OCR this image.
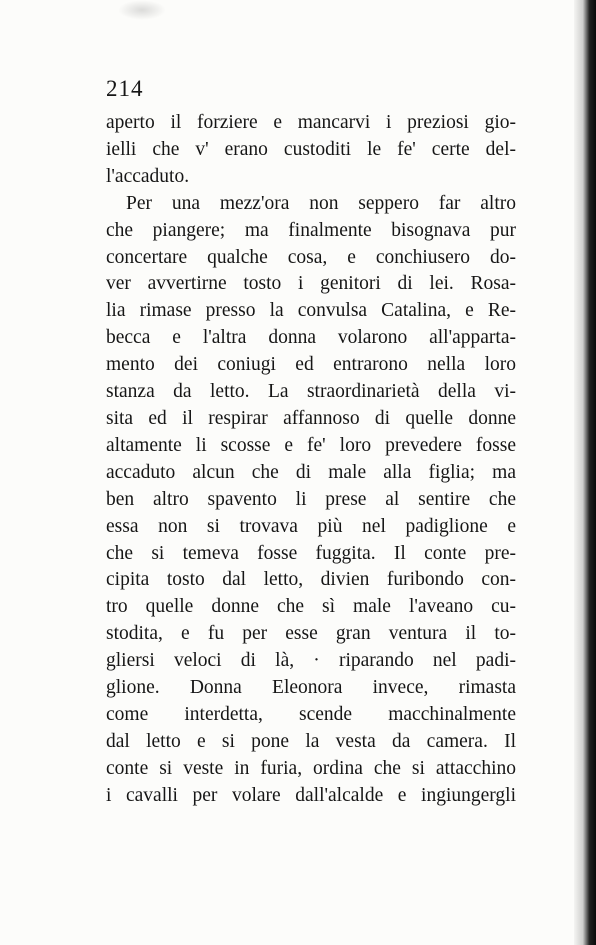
214
aperto il forziere e mancarvi i preziosi gio-
ielli che v' erano custoditi le fe' certe del-
l'accaduto.
Per una mezz'ora non seppero far altro
che piangere; ma finalmente bisognava pur
concertare qualche cosa, e conchiusero do-
ver avvertirne tosto i genitori di lei. Rosa-
lia rimase presso la convulsa Catalina, e Re-
becca e l'altra donna volarono all'apparta-
mento dei coniugi ed entrarono nella loro
stanza da letto. La straordinarietà della vi-
sita ed il respirar affannoso di quelle donne
altamente li scosse e fe' loro prevedere fosse
accaduto alcun che di male alla figlia; ma
ben altro spavento li prese al sentire che
essa non si trovava più nel padiglione e
che si temeva fosse fuggita. Il conte pre-
cipita tosto dal letto, divien furibondo con-
tro quelle donne che sì male l'aveano cu-
stodita, e fu per esse gran ventura il to-
gliersi veloci di là, · riparando nel padi-
glione. Donna Eleonora invece, rimasta
come interdetta, scende macchinalmente
dal letto e si pone la vesta da camera. Il
conte si veste in furia, ordina che si attacchino
i cavalli per volare dall'alcalde e ingiungergli
